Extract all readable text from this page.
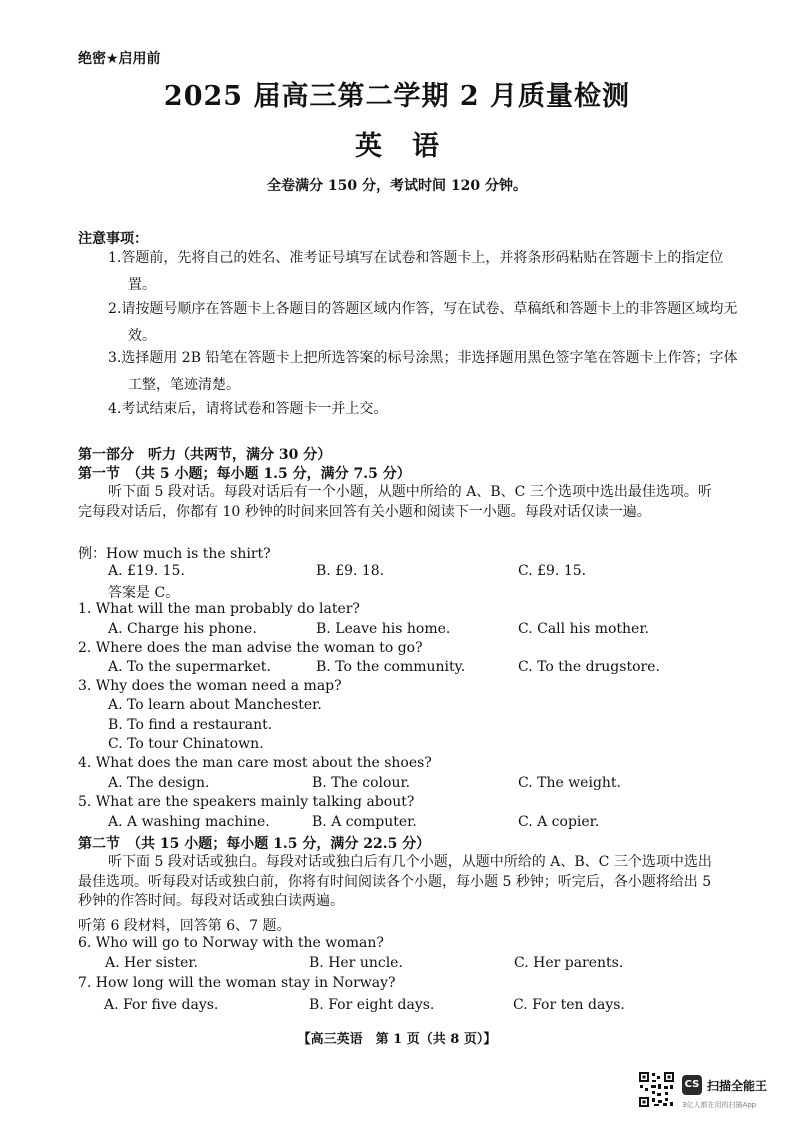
绝密★启用前
2025 届高三第二学期 2 月质量检测
英语
全卷满分 150 分，考试时间 120 分钟。
注意事项：
1.答题前，先将自己的姓名、准考证号填写在试卷和答题卡上，并将条形码粘贴在答题卡上的指定位置。
2.请按题号顺序在答题卡上各题目的答题区域内作答，写在试卷、草稿纸和答题卡上的非答题区域均无效。
3.选择题用 2B 铅笔在答题卡上把所选答案的标号涂黑；非选择题用黑色签字笔在答题卡上作答；字体工整，笔迹清楚。
4.考试结束后，请将试卷和答题卡一并上交。
第一部分　听力（共两节，满分 30 分）
第一节　（共 5 小题；每小题 1.5 分，满分 7.5 分）
听下面 5 段对话。每段对话后有一个小题，从题中所给的 A、B、C 三个选项中选出最佳选项。听完每段对话后，你都有 10 秒钟的时间来回答有关小题和阅读下一小题。每段对话仅读一遍。
例：How much is the shirt?
A. £19. 15.	B. £9. 18.	C. £9. 15.
答案是 C。
1. What will the man probably do later?
A. Charge his phone.	B. Leave his home.	C. Call his mother.
2. Where does the man advise the woman to go?
A. To the supermarket.	B. To the community.	C. To the drugstore.
3. Why does the woman need a map?
A. To learn about Manchester.
B. To find a restaurant.
C. To tour Chinatown.
4. What does the man care most about the shoes?
A. The design.	B. The colour.	C. The weight.
5. What are the speakers mainly talking about?
A. A washing machine.	B. A computer.	C. A copier.
第二节　（共 15 小题；每小题 1.5 分，满分 22.5 分）
听下面 5 段对话或独白。每段对话或独白后有几个小题，从题中所给的 A、B、C 三个选项中选出最佳选项。听每段对话或独白前，你将有时间阅读各个小题，每小题 5 秒钟；听完后，各小题将给出 5 秒钟的作答时间。每段对话或独白读两遍。
听第 6 段材料，回答第 6、7 题。
6. Who will go to Norway with the woman?
A. Her sister.	B. Her uncle.	C. Her parents.
7. How long will the woman stay in Norway?
A. For five days.	B. For eight days.	C. For ten days.
【高三英语　第 1 页（共 8 页）】
CS 扫描全能王
3亿人都在用的扫描App
